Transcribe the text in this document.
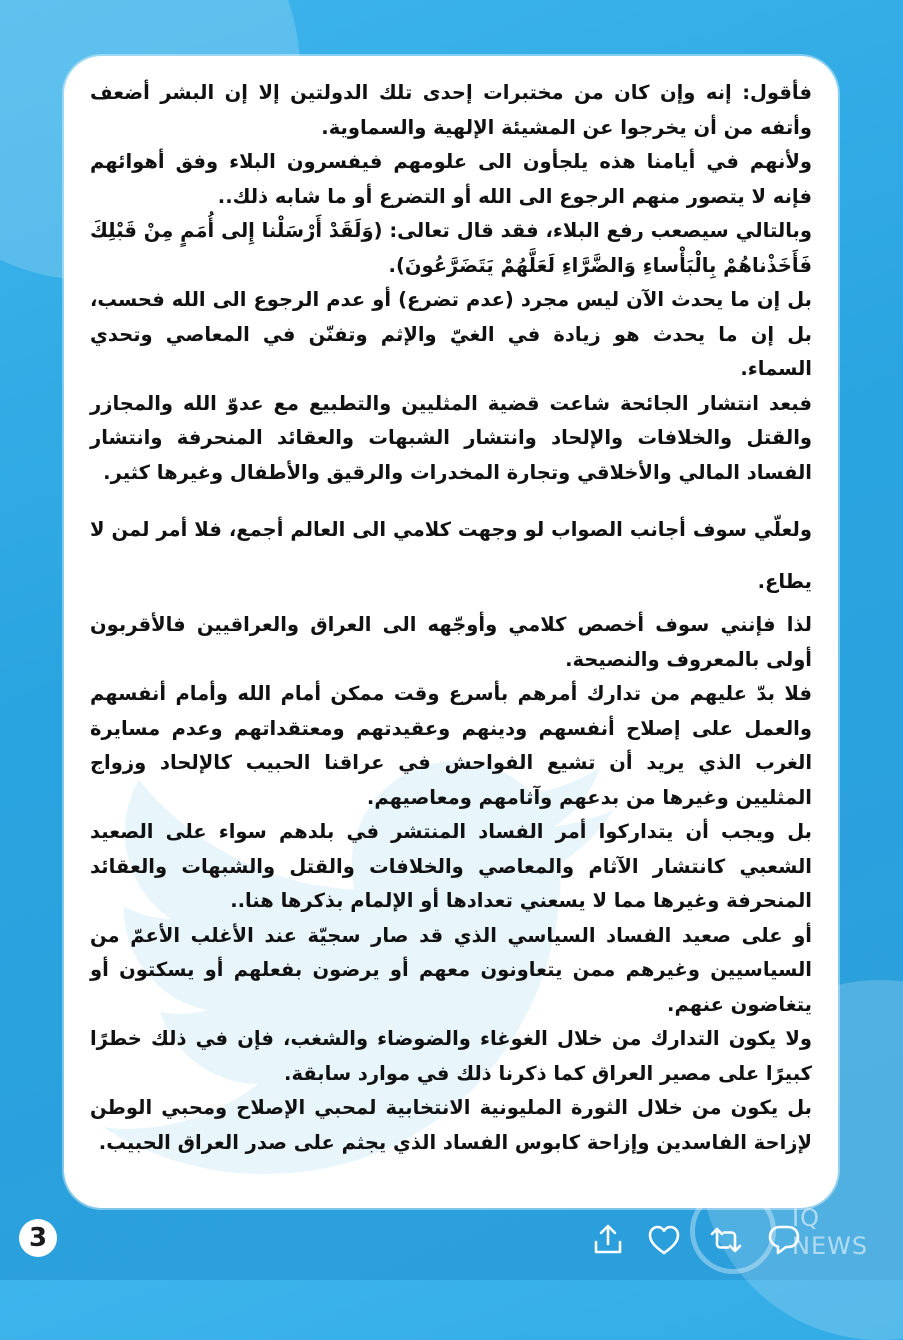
فأقول: إنه وإن كان من مختبرات إحدى تلك الدولتين إلا إن البشر أضعف وأتفه من أن يخرجوا عن المشيئة الإلهية والسماوية.

ولأنهم في أيامنا هذه يلجأون الى علومهم فيفسرون البلاء وفق أهوائهم فإنه لا يتصور منهم الرجوع الى الله أو التضرع أو ما شابه ذلك..

وبالتالي سيصعب رفع البلاء، فقد قال تعالى: (وَلَقَدْ أَرْسَلْنا إِلى أُمَمٍ مِنْ قَبْلِكَ فَأَخَذْناهُمْ بِالْبَأْساءِ وَالضَّرَّاءِ لَعَلَّهُمْ يَتَضَرَّعُونَ).

بل إن ما يحدث الآن ليس مجرد (عدم تضرع) أو عدم الرجوع الى الله فحسب، بل إن ما يحدث هو زيادة في الغيّ والإثم وتفنّن في المعاصي وتحدي السماء.

فبعد انتشار الجائحة شاعت قضية المثليين والتطبيع مع عدوّ الله والمجازر والقتل والخلافات والإلحاد وانتشار الشبهات والعقائد المنحرفة وانتشار الفساد المالي والأخلاقي وتجارة المخدرات والرقيق والأطفال وغيرها كثير.

ولعلّي سوف أجانب الصواب لو وجهت كلامي الى العالم أجمع، فلا أمر لمن لا يطاع.

لذا فإنني سوف أخصص كلامي وأوجّهه الى العراق والعراقيين فالأقربون أولى بالمعروف والنصيحة.

فلا بدّ عليهم من تدارك أمرهم بأسرع وقت ممكن أمام الله وأمام أنفسهم والعمل على إصلاح أنفسهم ودينهم وعقيدتهم ومعتقداتهم وعدم مسايرة الغرب الذي يريد أن تشيع الفواحش في عراقنا الحبيب كالإلحاد وزواج المثليين وغيرها من بدعهم وآثامهم ومعاصيهم.

بل ويجب أن يتداركوا أمر الفساد المنتشر في بلدهم سواء على الصعيد الشعبي كانتشار الآثام والمعاصي والخلافات والقتل والشبهات والعقائد المنحرفة وغيرها مما لا يسعني تعدادها أو الإلمام بذكرها هنا..

أو على صعيد الفساد السياسي الذي قد صار سجيّة عند الأغلب الأعمّ من السياسيين وغيرهم ممن يتعاونون معهم أو يرضون بفعلهم أو يسكتون أو يتغاضون عنهم.

ولا يكون التدارك من خلال الغوغاء والضوضاء والشغب، فإن في ذلك خطرًا كبيرًا على مصير العراق كما ذكرنا ذلك في موارد سابقة.

بل يكون من خلال الثورة المليونية الانتخابية لمحبي الإصلاح ومحبي الوطن لإزاحة الفاسدين وإزاحة كابوس الفساد الذي يجثم على صدر العراق الحبيب.

3
IQ NEWS
